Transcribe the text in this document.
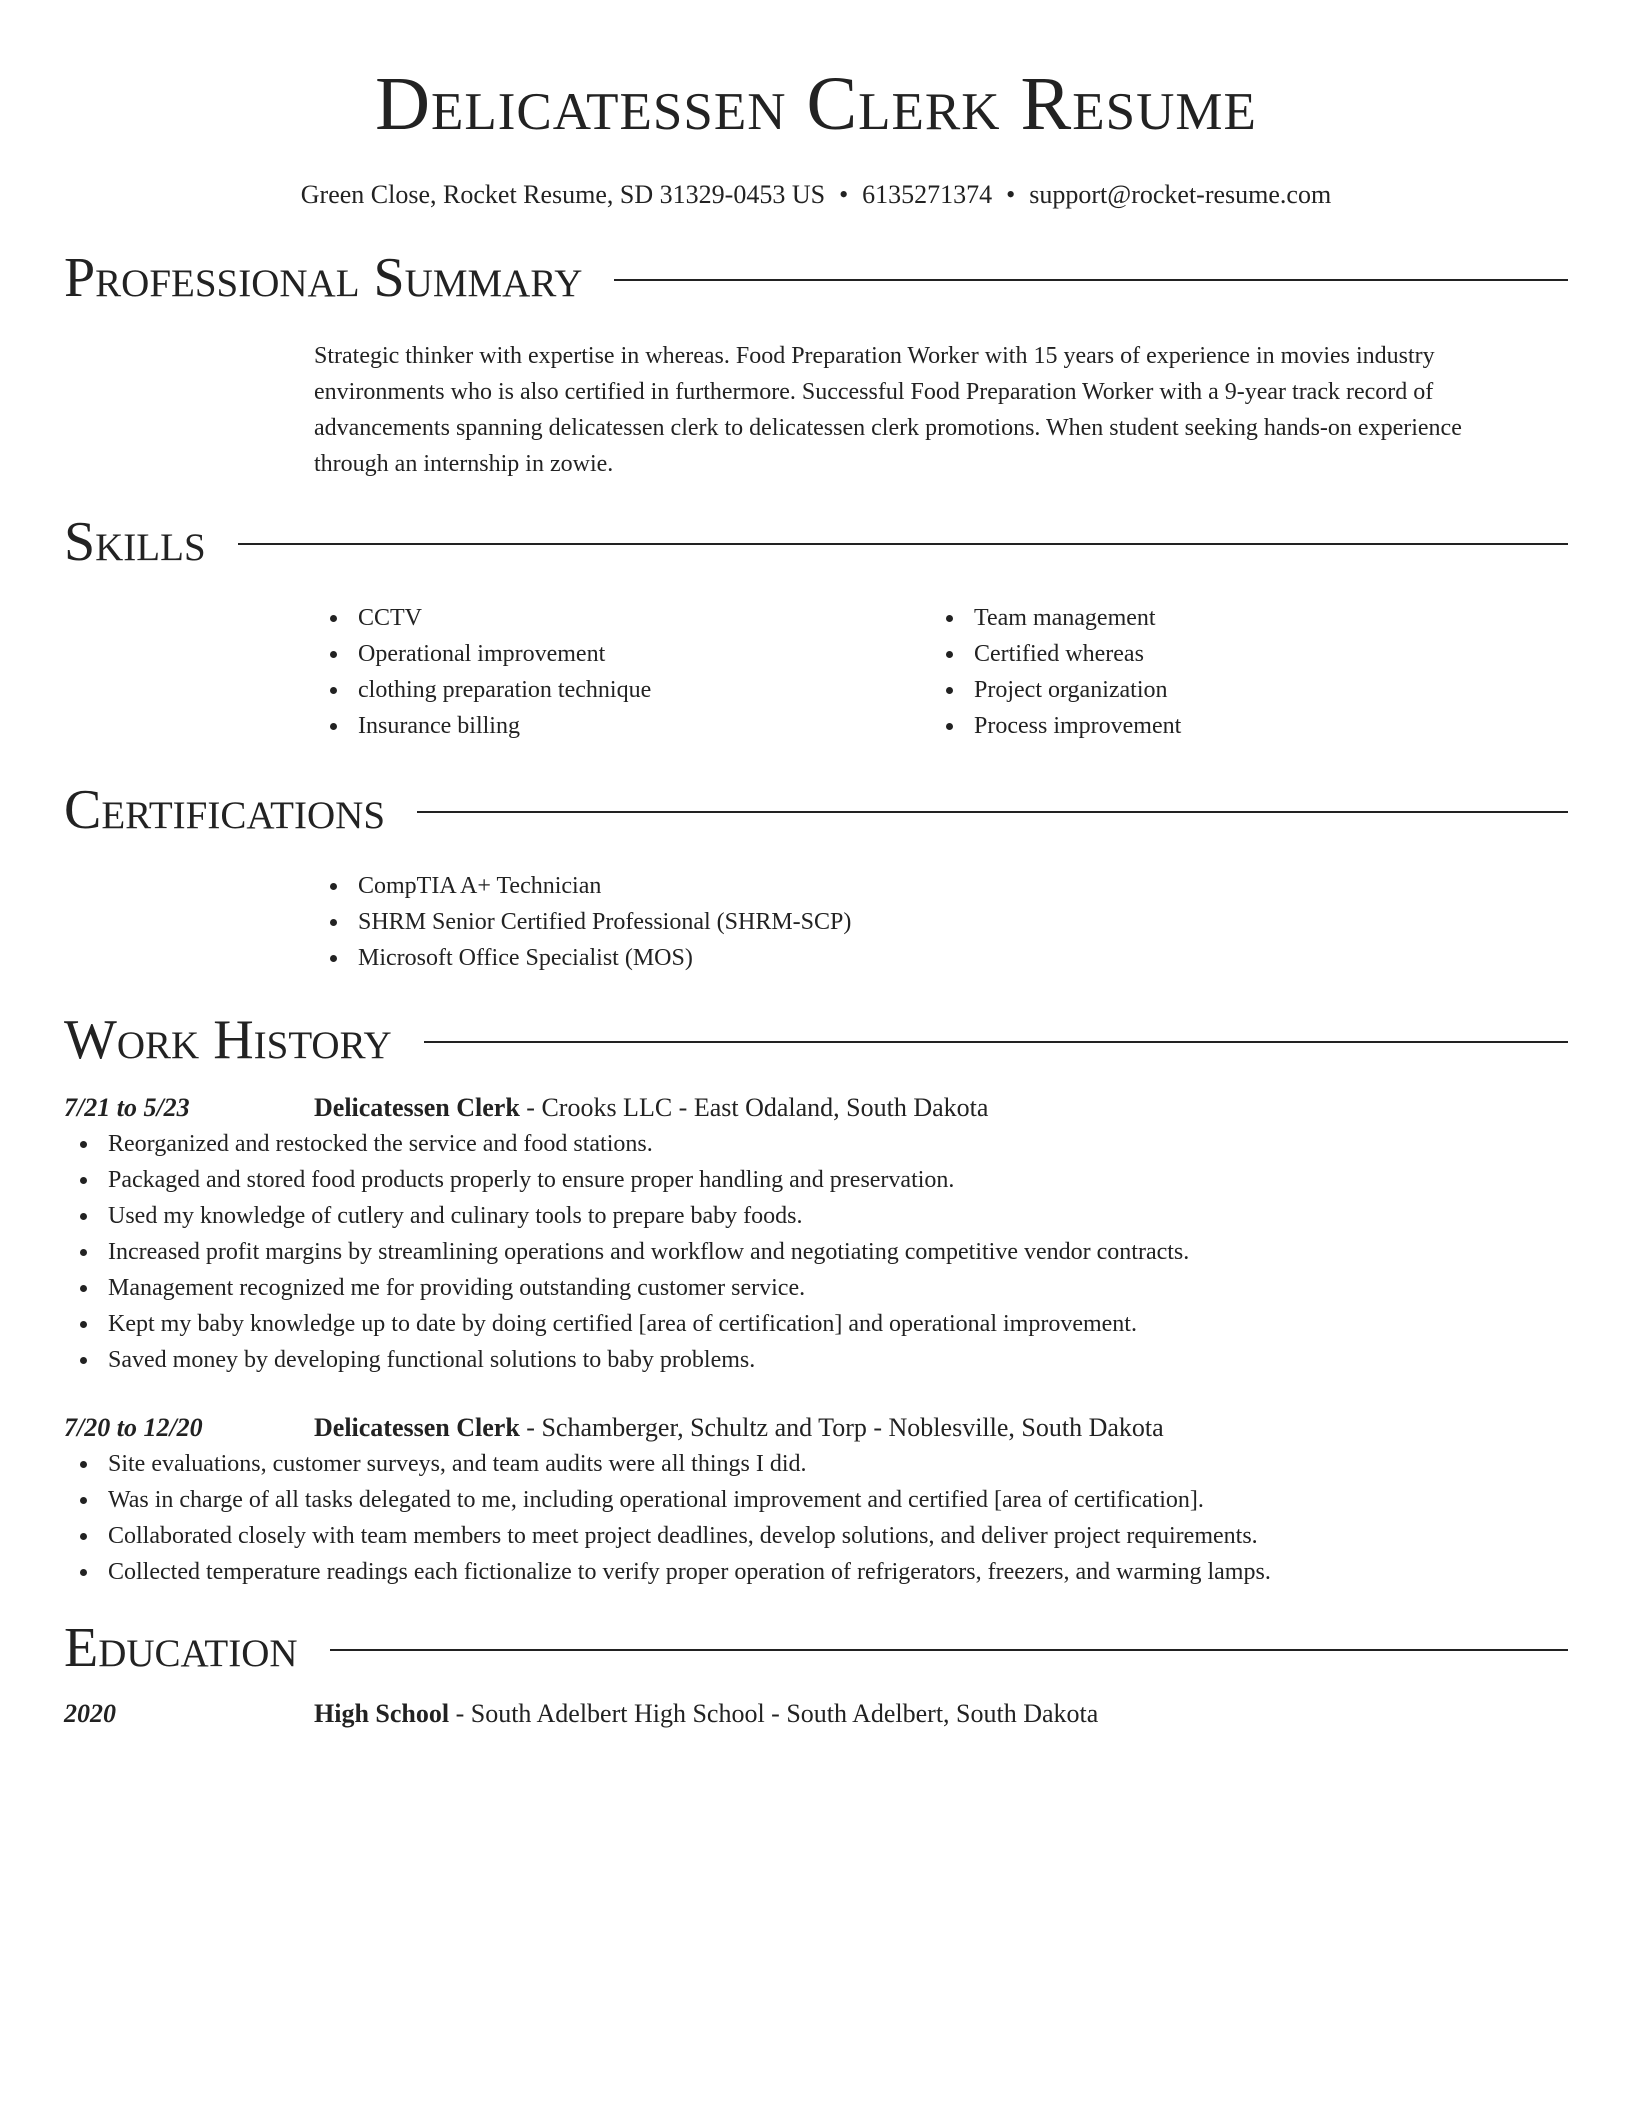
Delicatessen Clerk Resume
Green Close, Rocket Resume, SD 31329-0453 US • 6135271374 • support@rocket-resume.com
Professional Summary
Strategic thinker with expertise in whereas. Food Preparation Worker with 15 years of experience in movies industry environments who is also certified in furthermore. Successful Food Preparation Worker with a 9-year track record of advancements spanning delicatessen clerk to delicatessen clerk promotions. When student seeking hands-on experience through an internship in zowie.
Skills
CCTV
Operational improvement
clothing preparation technique
Insurance billing
Team management
Certified whereas
Project organization
Process improvement
Certifications
CompTIA A+ Technician
SHRM Senior Certified Professional (SHRM-SCP)
Microsoft Office Specialist (MOS)
Work History
7/21 to 5/23	Delicatessen Clerk - Crooks LLC - East Odaland, South Dakota
Reorganized and restocked the service and food stations.
Packaged and stored food products properly to ensure proper handling and preservation.
Used my knowledge of cutlery and culinary tools to prepare baby foods.
Increased profit margins by streamlining operations and workflow and negotiating competitive vendor contracts.
Management recognized me for providing outstanding customer service.
Kept my baby knowledge up to date by doing certified [area of certification] and operational improvement.
Saved money by developing functional solutions to baby problems.
7/20 to 12/20	Delicatessen Clerk - Schamberger, Schultz and Torp - Noblesville, South Dakota
Site evaluations, customer surveys, and team audits were all things I did.
Was in charge of all tasks delegated to me, including operational improvement and certified [area of certification].
Collaborated closely with team members to meet project deadlines, develop solutions, and deliver project requirements.
Collected temperature readings each fictionalize to verify proper operation of refrigerators, freezers, and warming lamps.
Education
2020	High School - South Adelbert High School - South Adelbert, South Dakota
